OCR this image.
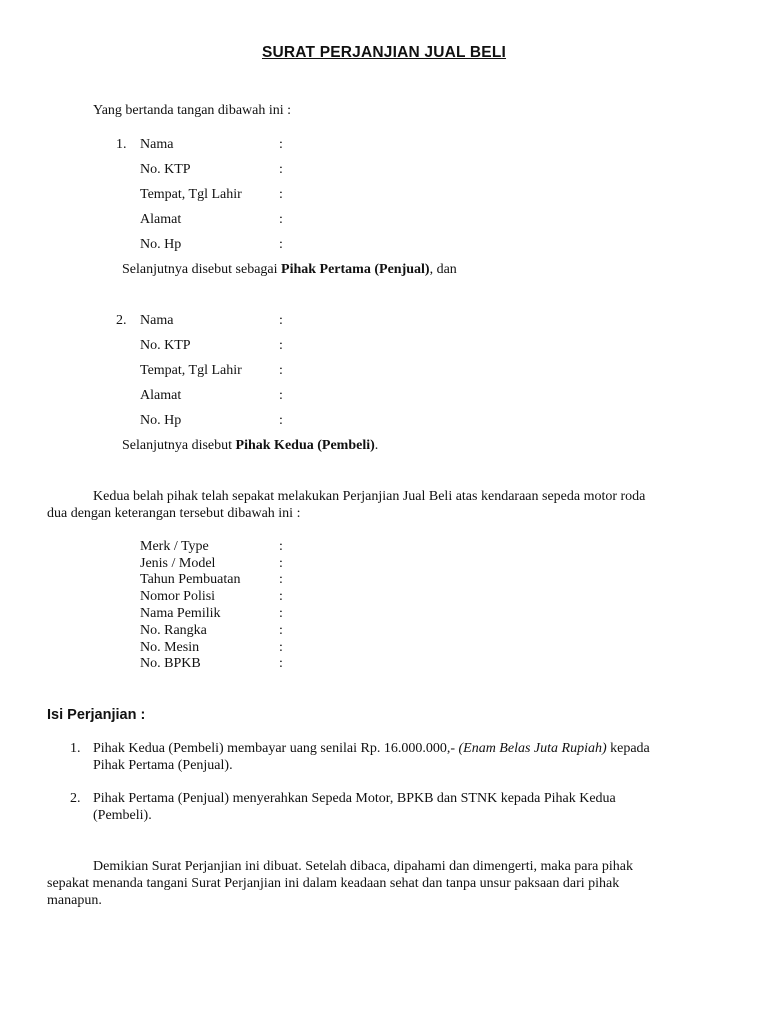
SURAT PERJANJIAN JUAL BELI
Yang bertanda tangan dibawah ini :
1. Nama	:
No. KTP	:
Tempat, Tgl Lahir	:
Alamat	:
No. Hp	:
Selanjutnya disebut sebagai Pihak Pertama (Penjual), dan
2. Nama	:
No. KTP	:
Tempat, Tgl Lahir	:
Alamat	:
No. Hp	:
Selanjutnya disebut Pihak Kedua (Pembeli).
Kedua belah pihak telah sepakat melakukan Perjanjian Jual Beli atas kendaraan sepeda motor roda
dua dengan keterangan tersebut dibawah ini :
Merk / Type	:
Jenis / Model	:
Tahun Pembuatan	:
Nomor Polisi	:
Nama Pemilik	:
No. Rangka	:
No. Mesin	:
No. BPKB	:
Isi Perjanjian :
1. Pihak Kedua (Pembeli) membayar uang senilai Rp. 16.000.000,- (Enam Belas Juta Rupiah) kepada
Pihak Pertama (Penjual).
2. Pihak Pertama (Penjual) menyerahkan Sepeda Motor, BPKB dan STNK kepada Pihak Kedua
(Pembeli).
Demikian Surat Perjanjian ini dibuat. Setelah dibaca, dipahami dan dimengerti, maka para pihak
sepakat menanda tangani Surat Perjanjian ini dalam keadaan sehat dan tanpa unsur paksaan dari pihak
manapun.
